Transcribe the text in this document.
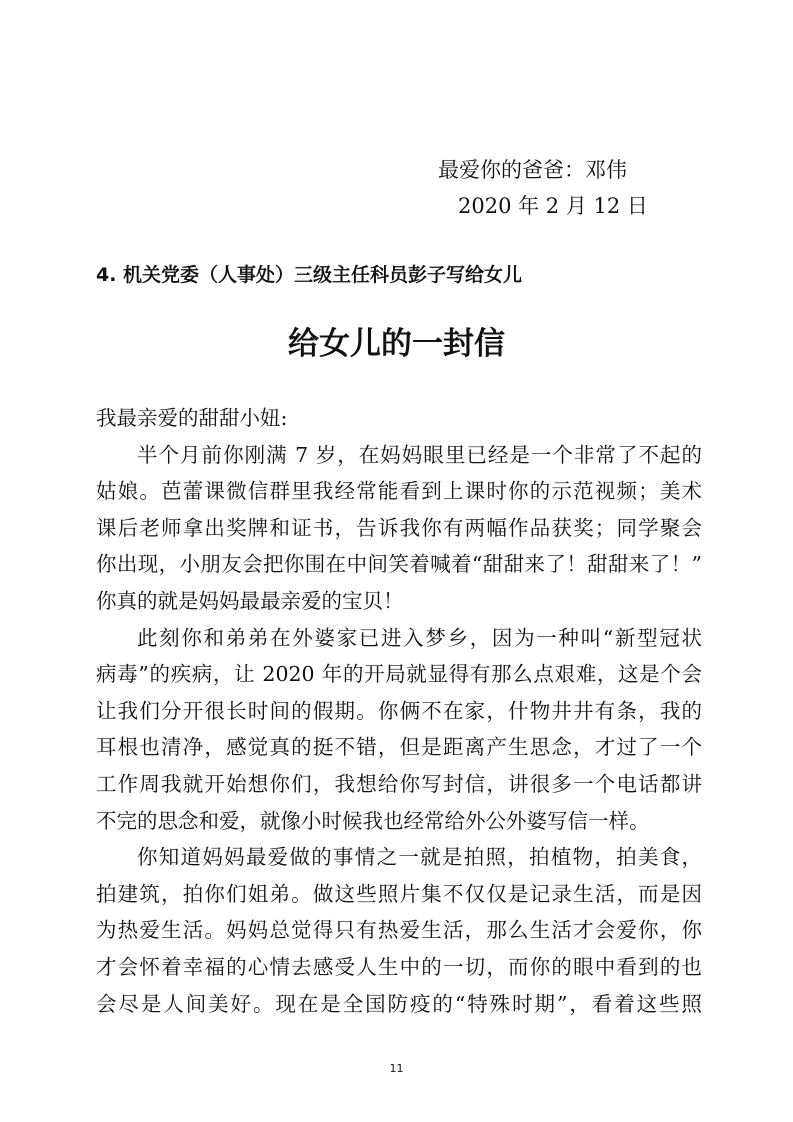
最爱你的爸爸：邓伟
2020 年 2 月 12 日
4. 机关党委（人事处）三级主任科员彭子写给女儿
给女儿的一封信

我最亲爱的甜甜小妞:

半个月前你刚满 7 岁，在妈妈眼里已经是一个非常了不起的
姑娘。芭蕾课微信群里我经常能看到上课时你的示范视频；美术
课后老师拿出奖牌和证书，告诉我你有两幅作品获奖；同学聚会
你出现，小朋友会把你围在中间笑着喊着“甜甜来了！甜甜来了！”
你真的就是妈妈最最亲爱的宝贝！
此刻你和弟弟在外婆家已进入梦乡，因为一种叫“新型冠状
病毒”的疾病，让 2020 年的开局就显得有那么点艰难，这是个会
让我们分开很长时间的假期。你俩不在家，什物井井有条，我的
耳根也清净，感觉真的挺不错，但是距离产生思念，才过了一个
工作周我就开始想你们，我想给你写封信，讲很多一个电话都讲
不完的思念和爱，就像小时候我也经常给外公外婆写信一样。
你知道妈妈最爱做的事情之一就是拍照，拍植物，拍美食，
拍建筑，拍你们姐弟。做这些照片集不仅仅是记录生活，而是因
为热爱生活。妈妈总觉得只有热爱生活，那么生活才会爱你，你
才会怀着幸福的心情去感受人生中的一切，而你的眼中看到的也
会尽是人间美好。现在是全国防疫的“特殊时期”，看着这些照
11
